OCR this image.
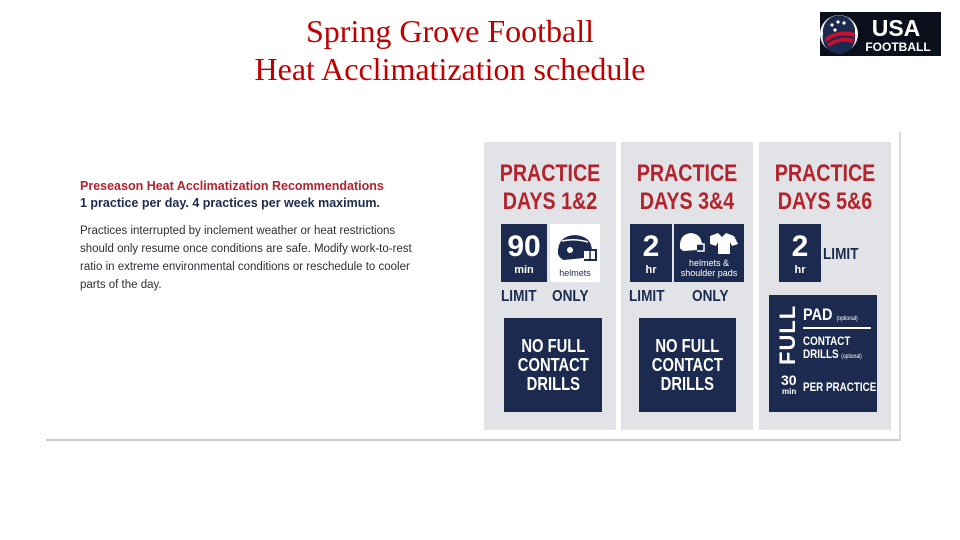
Spring Grove Football
Heat Acclimatization schedule
USA
FOOTBALL
Preseason Heat Acclimatization Recommendations
1 practice per day. 4 practices per week maximum.
Practices interrupted by inclement weather or heat restrictions should only resume once conditions are safe. Modify work-to-rest ratio in extreme environmental conditions or reschedule to cooler parts of the day.
PRACTICE
DAYS 1&2
90
min	helmets
LIMIT ONLY
NO FULL
CONTACT
DRILLS
PRACTICE
DAYS 3&4
2
hr
helmets &
shoulder pads
LIMIT ONLY
NO FULL
CONTACT
DRILLS
PRACTICE
DAYS 5&6
2
hr
LIMIT
FULL PAD (optional)
CONTACT
DRILLS (optional)
30
min PER PRACTICE
